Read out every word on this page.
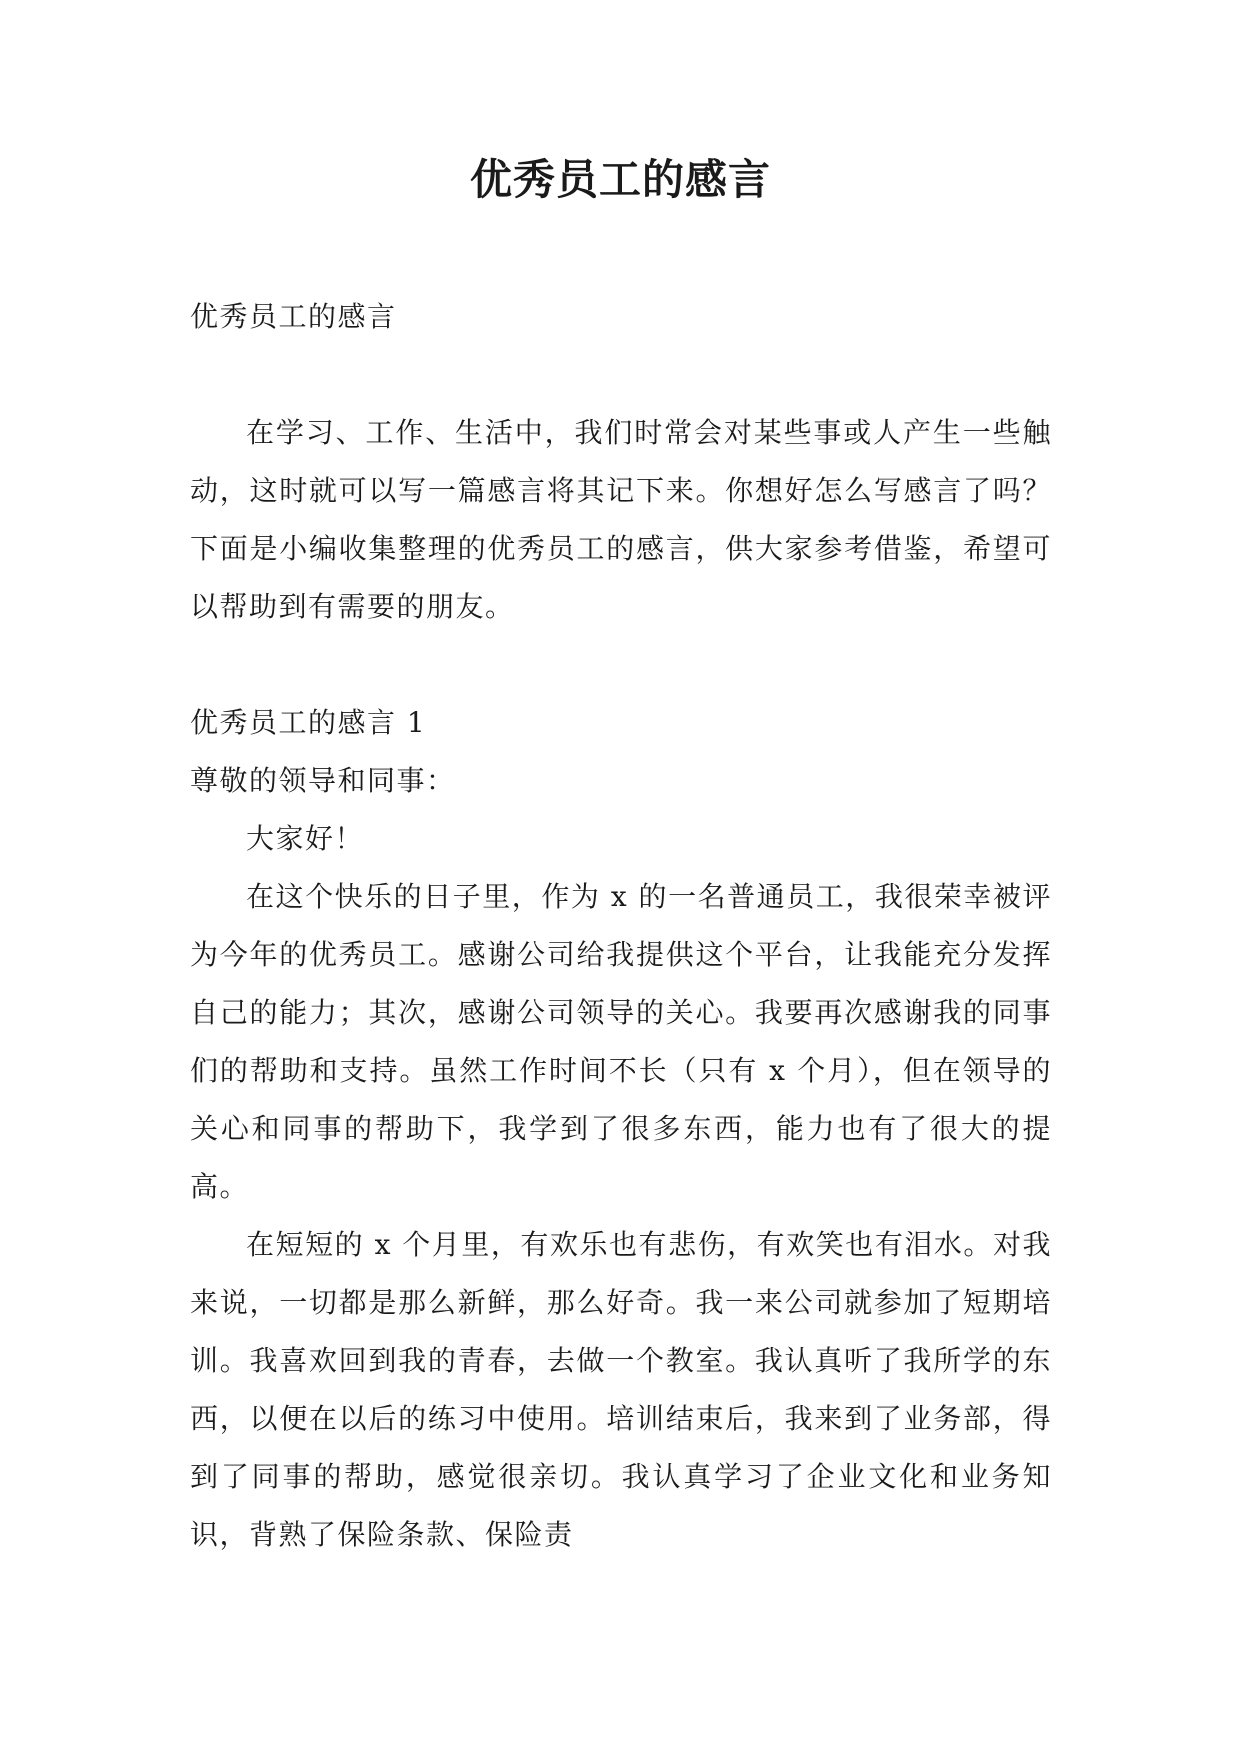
优秀员工的感言

优秀员工的感言

在学习、工作、生活中，我们时常会对某些事或人产生一些触动，这时就可以写一篇感言将其记下来。你想好怎么写感言了吗？下面是小编收集整理的优秀员工的感言，供大家参考借鉴，希望可以帮助到有需要的朋友。

优秀员工的感言 1

尊敬的领导和同事：

大家好！

在这个快乐的日子里，作为 x 的一名普通员工，我很荣幸被评为今年的优秀员工。感谢公司给我提供这个平台，让我能充分发挥自己的能力；其次，感谢公司领导的关心。我要再次感谢我的同事们的帮助和支持。虽然工作时间不长（只有 x 个月），但在领导的关心和同事的帮助下，我学到了很多东西，能力也有了很大的提高。

在短短的 x 个月里，有欢乐也有悲伤，有欢笑也有泪水。对我来说，一切都是那么新鲜，那么好奇。我一来公司就参加了短期培训。我喜欢回到我的青春，去做一个教室。我认真听了我所学的东西，以便在以后的练习中使用。培训结束后，我来到了业务部，得到了同事的帮助，感觉很亲切。我认真学习了企业文化和业务知识，背熟了保险条款、保险责
